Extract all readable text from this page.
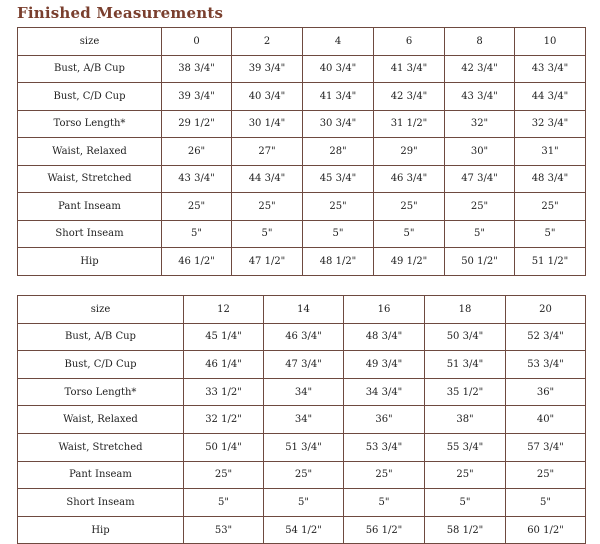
Finished Measurements
size	0	2	4	6	8	10
Bust, A/B Cup	38 3/4"	39 3/4"	40 3/4"	41 3/4"	42 3/4"	43 3/4"
Bust, C/D Cup	39 3/4"	40 3/4"	41 3/4"	42 3/4"	43 3/4"	44 3/4"
Torso Length*	29 1/2"	30 1/4"	30 3/4"	31 1/2"	32"	32 3/4"
Waist, Relaxed	26"	27"	28"	29"	30"	31"
Waist, Stretched	43 3/4"	44 3/4"	45 3/4"	46 3/4"	47 3/4"	48 3/4"
Pant Inseam	25"	25"	25"	25"	25"	25"
Short Inseam	5"	5"	5"	5"	5"	5"
Hip	46 1/2"	47 1/2"	48 1/2"	49 1/2"	50 1/2"	51 1/2"
size	12	14	16	18	20
Bust, A/B Cup	45 1/4"	46 3/4"	48 3/4"	50 3/4"	52 3/4"
Bust, C/D Cup	46 1/4"	47 3/4"	49 3/4"	51 3/4"	53 3/4"
Torso Length*	33 1/2"	34"	34 3/4"	35 1/2"	36"
Waist, Relaxed	32 1/2"	34"	36"	38"	40"
Waist, Stretched	50 1/4"	51 3/4"	53 3/4"	55 3/4"	57 3/4"
Pant Inseam	25"	25"	25"	25"	25"
Short Inseam	5"	5"	5"	5"	5"
Hip	53"	54 1/2"	56 1/2"	58 1/2"	60 1/2"
